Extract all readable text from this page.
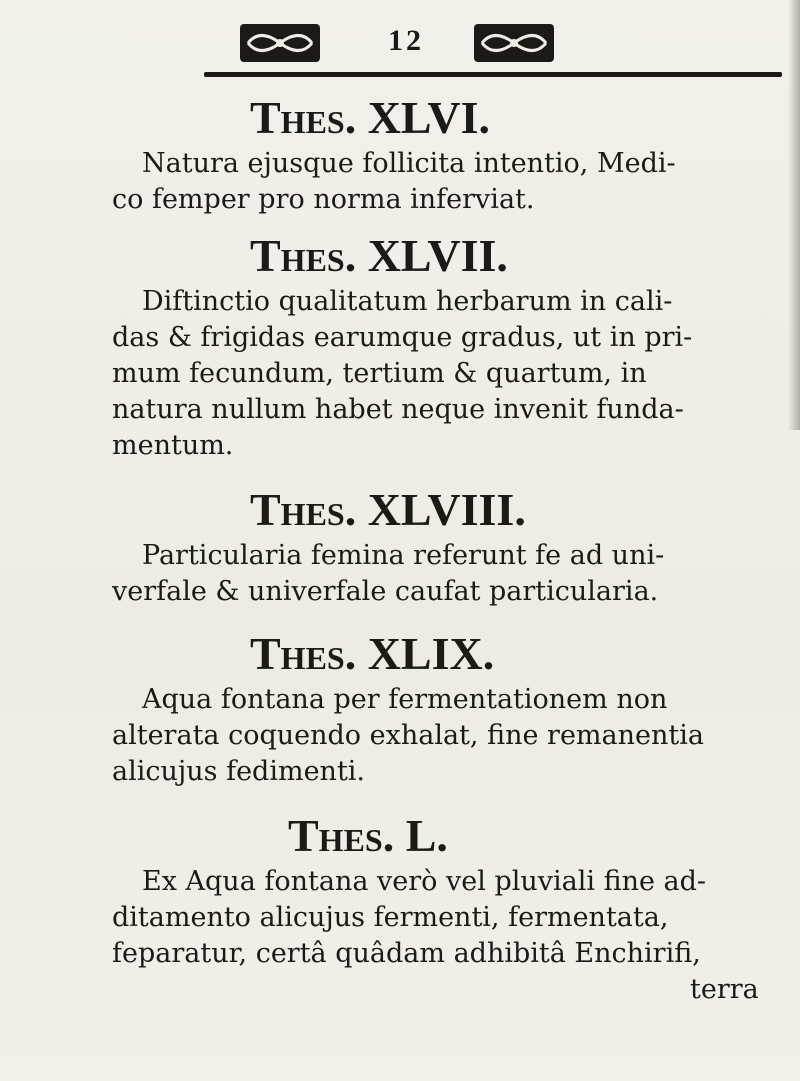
12
Thes. XLVI.

Natura ejusque follicita intentio, Medi-

co femper pro norma inferviat.

Thes. XLVII.

Diftinctio qualitatum herbarum in cali-

das & frigidas earumque gradus, ut in pri-

mum fecundum, tertium & quartum, in

natura nullum habet neque invenit funda-

mentum.

Thes. XLVIII.

Particularia femina referunt fe ad uni-

verfale & univerfale caufat particularia.

Thes. XLIX.

Aqua fontana per fermentationem non

alterata coquendo exhalat, fine remanentia

alicujus fedimenti.

Thes. L.

Ex Aqua fontana verò vel pluviali fine ad-

ditamento alicujus fermenti, fermentata,

feparatur, certâ quâdam adhibitâ Enchirifi,

terra
